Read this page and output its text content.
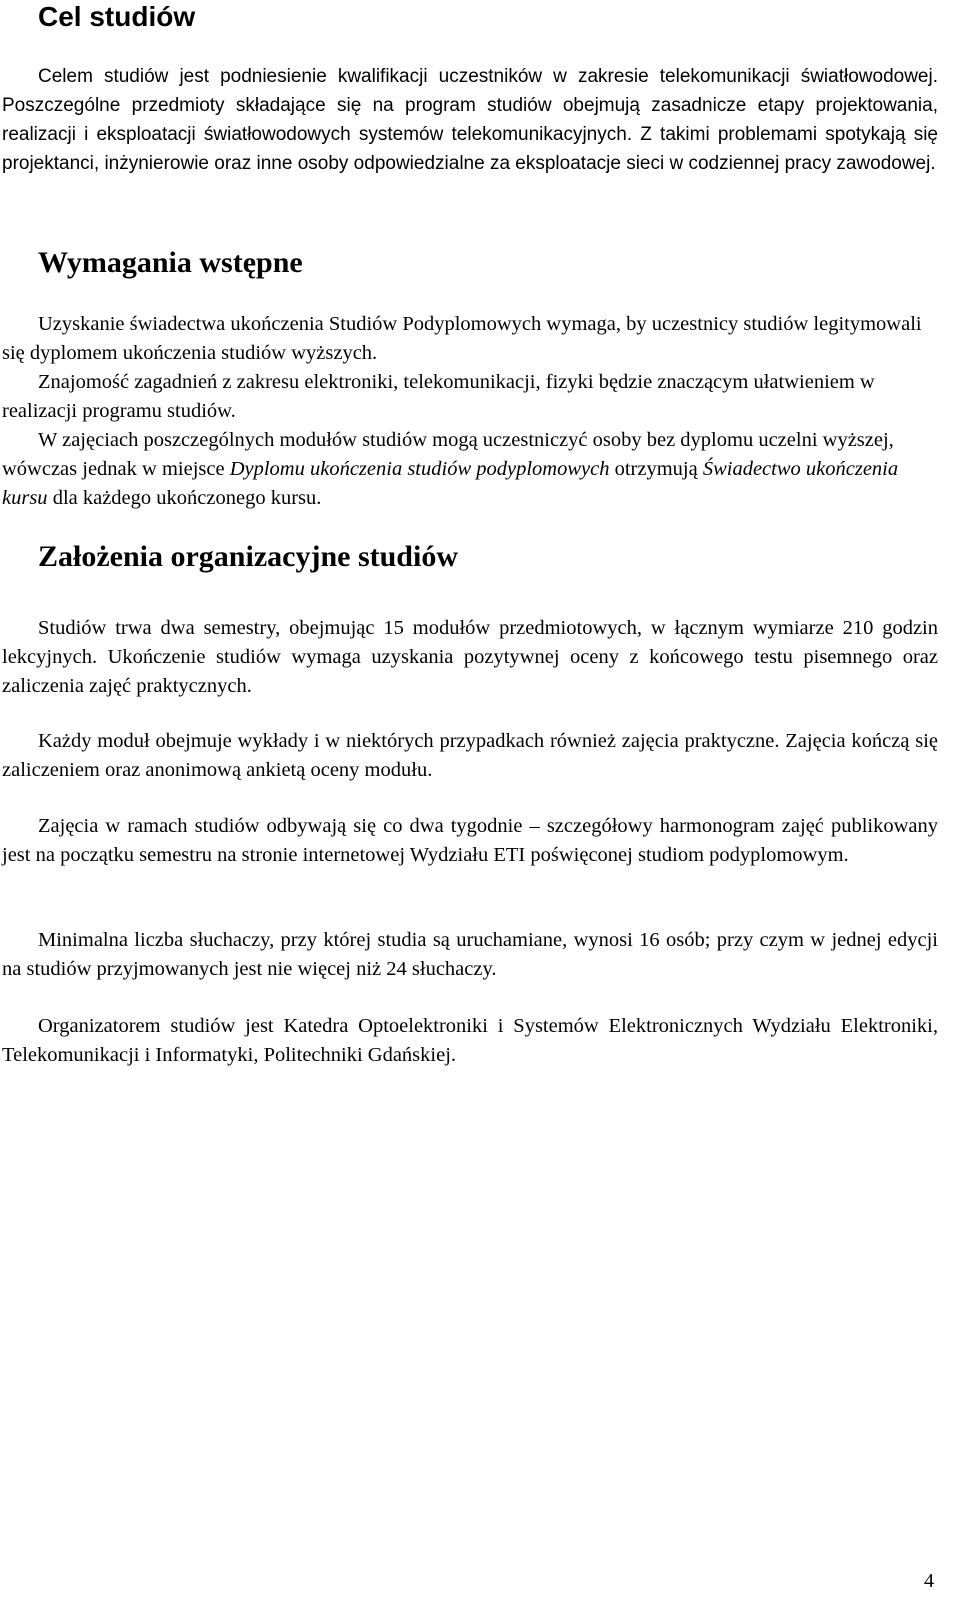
Cel studiów

Celem studiów jest podniesienie kwalifikacji uczestników w zakresie telekomunikacji światłowodowej. Poszczególne przedmioty składające się na program studiów obejmują zasadnicze etapy projektowania, realizacji i eksploatacji światłowodowych systemów telekomunikacyjnych. Z takimi problemami spotykają się projektanci, inżynierowie oraz inne osoby odpowiedzialne za eksploatacje sieci w codziennej pracy zawodowej.

Wymagania wstępne

Uzyskanie świadectwa ukończenia Studiów Podyplomowych wymaga, by uczestnicy studiów legitymowali się dyplomem ukończenia studiów wyższych.

Znajomość zagadnień z zakresu elektroniki, telekomunikacji, fizyki będzie znaczącym ułatwieniem w realizacji programu studiów.

W zajęciach poszczególnych modułów studiów mogą uczestniczyć osoby bez dyplomu uczelni wyższej, wówczas jednak w miejsce Dyplomu ukończenia studiów podyplomowych otrzymują Świadectwo ukończenia kursu dla każdego ukończonego kursu.

Założenia organizacyjne studiów

Studiów trwa dwa semestry, obejmując 15 modułów przedmiotowych, w łącznym wymiarze 210 godzin lekcyjnych. Ukończenie studiów wymaga uzyskania pozytywnej oceny z końcowego testu pisemnego oraz zaliczenia zajęć praktycznych.

Każdy moduł obejmuje wykłady i w niektórych przypadkach również zajęcia praktyczne. Zajęcia kończą się zaliczeniem oraz anonimową ankietą oceny modułu.

Zajęcia w ramach studiów odbywają się co dwa tygodnie – szczegółowy harmonogram zajęć publikowany jest na początku semestru na stronie internetowej Wydziału ETI poświęconej studiom podyplomowym.

Minimalna liczba słuchaczy, przy której studia są uruchamiane, wynosi 16 osób; przy czym w jednej edycji na studiów przyjmowanych jest nie więcej niż 24 słuchaczy.

Organizatorem studiów jest Katedra Optoelektroniki i Systemów Elektronicznych Wydziału Elektroniki, Telekomunikacji i Informatyki, Politechniki Gdańskiej.

4
